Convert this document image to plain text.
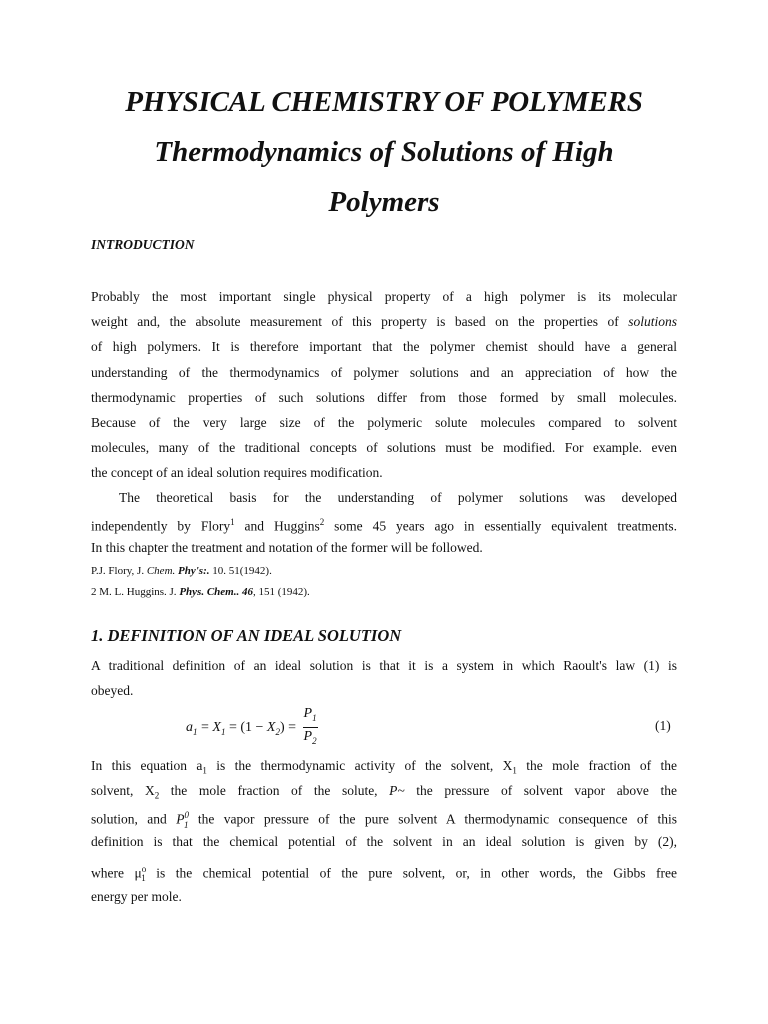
PHYSICAL CHEMISTRY OF POLYMERS
Thermodynamics of Solutions of High
Polymers
INTRODUCTION
Probably the most important single physical property of a high polymer is its molecular
weight and, the absolute measurement of this property is based on the properties of solutions
of high polymers. It is therefore important that the polymer chemist should have a general
understanding of the thermodynamics of polymer solutions and an appreciation of how the
thermodynamic properties of such solutions differ from those formed by small molecules.
Because of the very large size of the polymeric solute molecules compared to solvent
molecules, many of the traditional concepts of solutions must be modified. For example. even
the concept of an ideal solution requires modification.
The theoretical basis for the understanding of polymer solutions was developed
independently by Flory$^1$ and Huggins$^2$ some 45 years ago in essentially equivalent treatments.
In this chapter the treatment and notation of the former will be followed.
P.J. Flory, J. Chem. Phy's:. 10. 51(1942).
2 M. L. Huggins. J. Phys. Chem.. 46, 151 (1942).
1. DEFINITION OF AN IDEAL SOLUTION
A traditional definition of an ideal solution is that it is a system in which Raoult's law (1) is
obeyed.
$a_1 = X_1 = (1 - X_2) = \frac{P_1}{P_2}$	(1)
In this equation $a_1$ is the thermodynamic activity of the solvent, $X_1$ the mole fraction of the
solvent, $X_2$ the mole fraction of the solute, P~ the pressure of solvent vapor above the
solution, and $P^0_1$ the vapor pressure of the pure solvent A thermodynamic consequence of this
definition is that the chemical potential of the solvent in an ideal solution is given by (2),
where $\mu^o_1$ is the chemical potential of the pure solvent, or, in other words, the Gibbs free
energy per mole.
